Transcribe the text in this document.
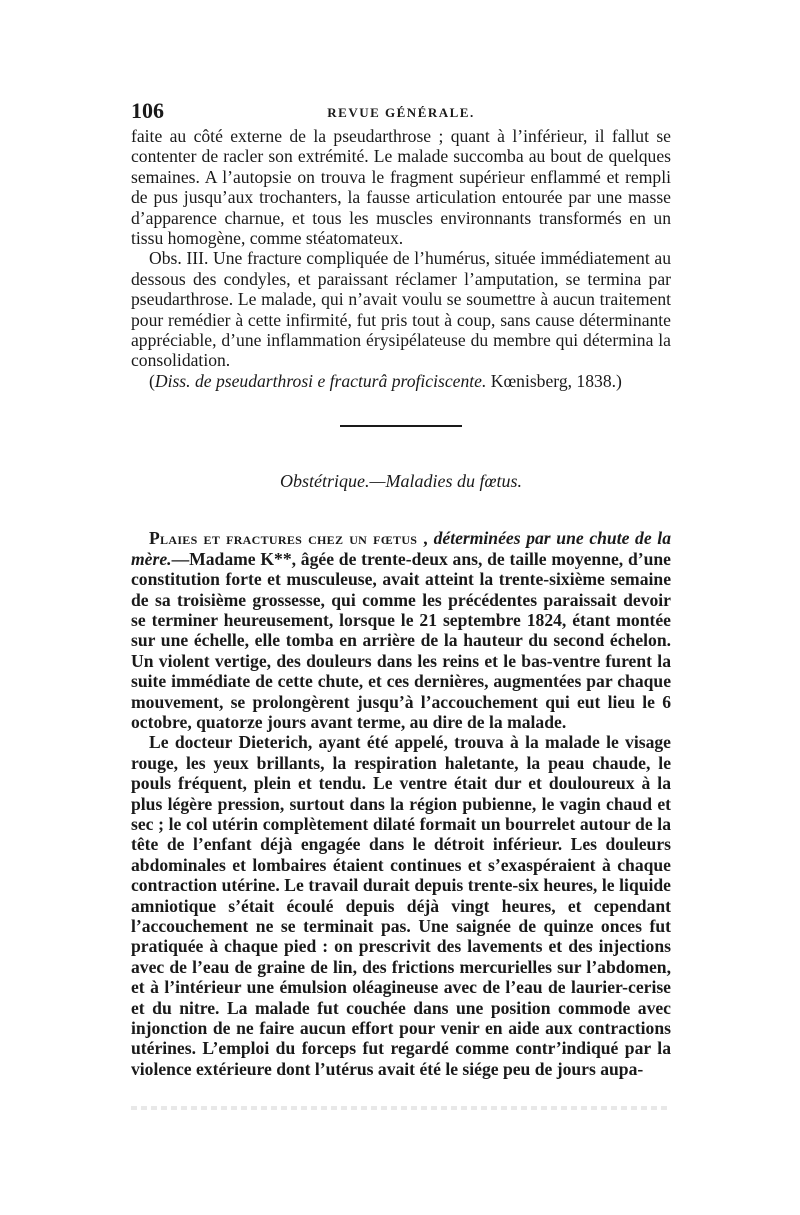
106	REVUE GÉNÉRALE.

faite au côté externe de la pseudarthrose ; quant à l’inférieur, il fallut se contenter de racler son extrémité. Le malade succomba au bout de quelques semaines. A l’autopsie on trouva le fragment supérieur enflammé et rempli de pus jusqu’aux trochanters, la fausse articulation entourée par une masse d’apparence charnue, et tous les muscles environnants transformés en un tissu homogène, comme stéatomateux.

Obs. III. Une fracture compliquée de l’humérus, située immédiatement au dessous des condyles, et paraissant réclamer l’amputation, se termina par pseudarthrose. Le malade, qui n’avait voulu se soumettre à aucun traitement pour remédier à cette infirmité, fut pris tout à coup, sans cause déterminante appréciable, d’une inflammation érysipélateuse du membre qui détermina la consolidation.

(Diss. de pseudarthrosi e fracturâ proficiscente. Kœnisberg, 1838.)

Obstétrique.—Maladies du fœtus.

Plaies et fractures chez un fœtus , déterminées par une chute de la mère.—Madame K**, âgée de trente-deux ans, de taille moyenne, d’une constitution forte et musculeuse, avait atteint la trente-sixième semaine de sa troisième grossesse, qui comme les précédentes paraissait devoir se terminer heureusement, lorsque le 21 septembre 1824, étant montée sur une échelle, elle tomba en arrière de la hauteur du second échelon. Un violent vertige, des douleurs dans les reins et le bas-ventre furent la suite immédiate de cette chute, et ces dernières, augmentées par chaque mouvement, se prolongèrent jusqu’à l’accouchement qui eut lieu le 6 octobre, quatorze jours avant terme, au dire de la malade.

Le docteur Dieterich, ayant été appelé, trouva à la malade le visage rouge, les yeux brillants, la respiration haletante, la peau chaude, le pouls fréquent, plein et tendu. Le ventre était dur et douloureux à la plus légère pression, surtout dans la région pubienne, le vagin chaud et sec ; le col utérin complètement dilaté formait un bourrelet autour de la tête de l’enfant déjà engagée dans le détroit inférieur. Les douleurs abdominales et lombaires étaient continues et s’exaspéraient à chaque contraction utérine. Le travail durait depuis trente-six heures, le liquide amniotique s’était écoulé depuis déjà vingt heures, et cependant l’accouchement ne se terminait pas. Une saignée de quinze onces fut pratiquée à chaque pied : on prescrivit des lavements et des injections avec de l’eau de graine de lin, des frictions mercurielles sur l’abdomen, et à l’intérieur une émulsion oléagineuse avec de l’eau de laurier-cerise et du nitre. La malade fut couchée dans une position commode avec injonction de ne faire aucun effort pour venir en aide aux contractions utérines. L’emploi du forceps fut regardé comme contr’indiqué par la violence extérieure dont l’utérus avait été le siége peu de jours aupa-
